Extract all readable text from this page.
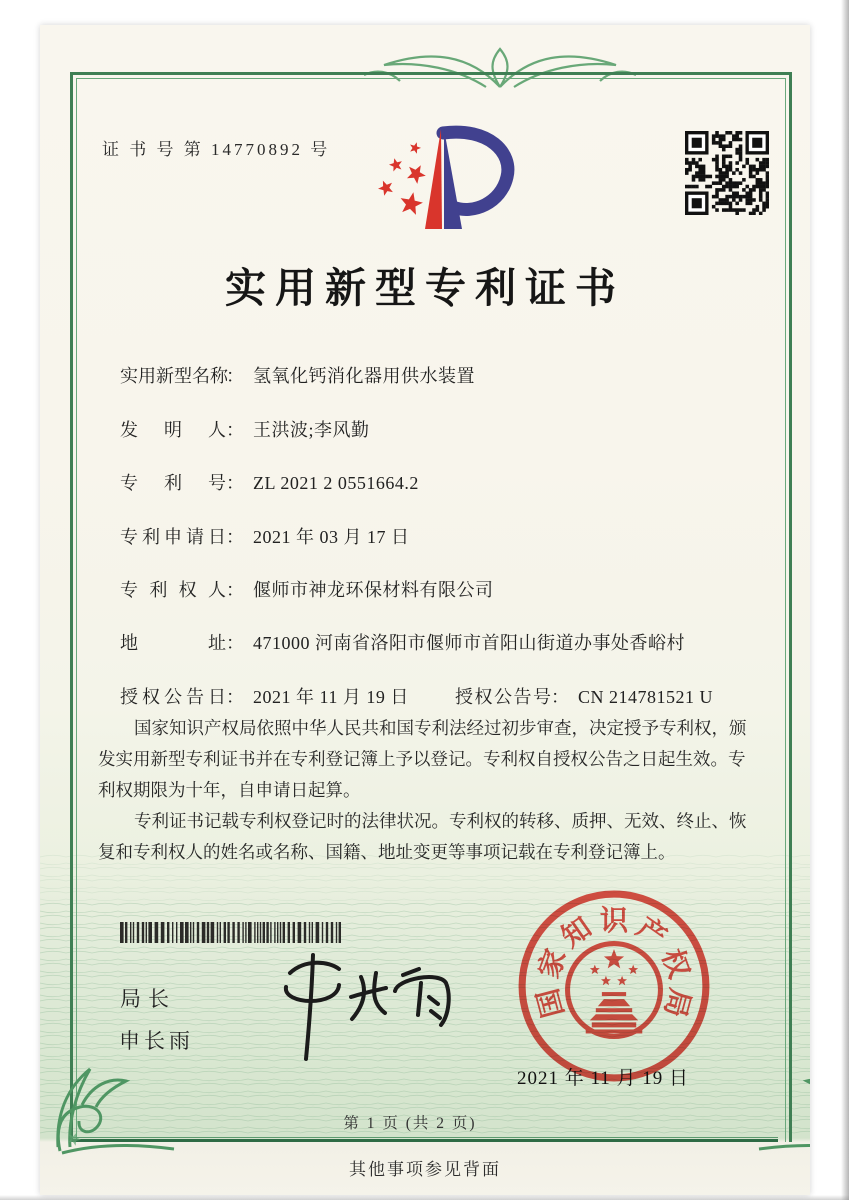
证 书 号 第 14770892 号
实用新型专利证书
实用新型名称： 氢氧化钙消化器用供水装置
发明人： 王洪波;李风勤
专利号： ZL 2021 2 0551664.2
专利申请日： 2021 年 03 月 17 日
专利权人： 偃师市神龙环保材料有限公司
地址： 471000 河南省洛阳市偃师市首阳山街道办事处香峪村
授权公告日： 2021 年 11 月 19 日	授权公告号： CN 214781521 U

国家知识产权局依照中华人民共和国专利法经过初步审查，决定授予专利权，颁发实用新型专利证书并在专利登记簿上予以登记。专利权自授权公告之日起生效。专利权期限为十年，自申请日起算。

专利证书记载专利权登记时的法律状况。专利权的转移、质押、无效、终止、恢复和专利权人的姓名或名称、国籍、地址变更等事项记载在专利登记簿上。

局长
申长雨
国
家
知 识 产
权
局
2021 年 11 月 19 日
第 1 页 (共 2 页)
其他事项参见背面
